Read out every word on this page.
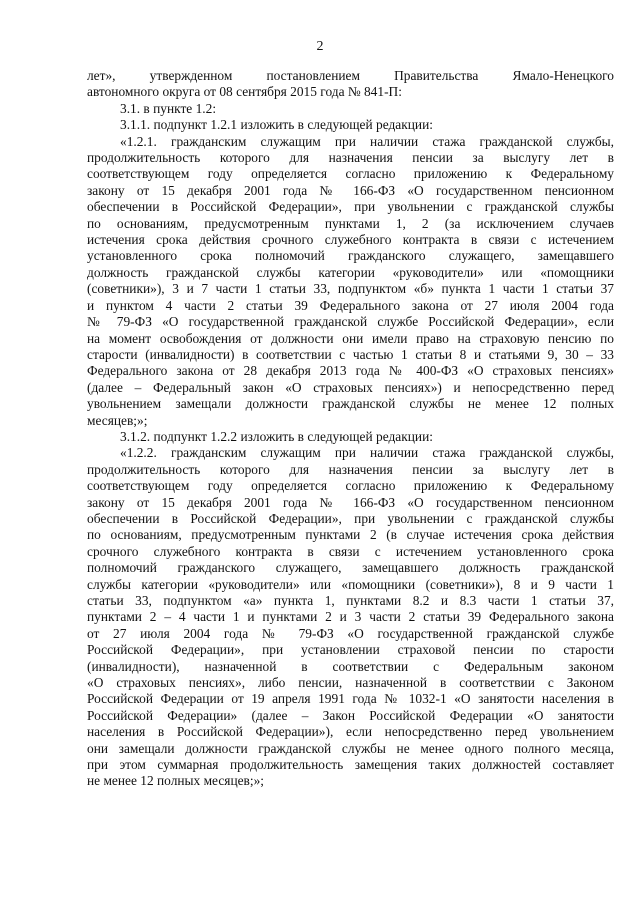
2

лет», утвержденном постановлением Правительства Ямало-Ненецкого

автономного округа от 08 сентября 2015 года № 841-П:

3.1. в пункте 1.2:

3.1.1. подпункт 1.2.1 изложить в следующей редакции:

«1.2.1. гражданским служащим при наличии стажа гражданской службы,

продолжительность которого для назначения пенсии за выслугу лет в

соответствующем году определяется согласно приложению к Федеральному

закону от 15 декабря 2001 года № 166-ФЗ «О государственном пенсионном

обеспечении в Российской Федерации», при увольнении с гражданской службы

по основаниям, предусмотренным пунктами 1, 2 (за исключением случаев

истечения срока действия срочного служебного контракта в связи с истечением

установленного срока полномочий гражданского служащего, замещавшего

должность гражданской службы категории «руководители» или «помощники

(советники»), 3 и 7 части 1 статьи 33, подпунктом «б» пункта 1 части 1 статьи 37

и пунктом 4 части 2 статьи 39 Федерального закона от 27 июля 2004 года

№ 79-ФЗ «О государственной гражданской службе Российской Федерации», если

на момент освобождения от должности они имели право на страховую пенсию по

старости (инвалидности) в соответствии с частью 1 статьи 8 и статьями 9, 30 – 33

Федерального закона от 28 декабря 2013 года № 400-ФЗ «О страховых пенсиях»

(далее – Федеральный закон «О страховых пенсиях») и непосредственно перед

увольнением замещали должности гражданской службы не менее 12 полных

месяцев;»;

3.1.2. подпункт 1.2.2 изложить в следующей редакции:

«1.2.2. гражданским служащим при наличии стажа гражданской службы,

продолжительность которого для назначения пенсии за выслугу лет в

соответствующем году определяется согласно приложению к Федеральному

закону от 15 декабря 2001 года № 166-ФЗ «О государственном пенсионном

обеспечении в Российской Федерации», при увольнении с гражданской службы

по основаниям, предусмотренным пунктами 2 (в случае истечения срока действия

срочного служебного контракта в связи с истечением установленного срока

полномочий гражданского служащего, замещавшего должность гражданской

службы категории «руководители» или «помощники (советники»), 8 и 9 части 1

статьи 33, подпунктом «а» пункта 1, пунктами 8.2 и 8.3 части 1 статьи 37,

пунктами 2 – 4 части 1 и пунктами 2 и 3 части 2 статьи 39 Федерального закона

от 27 июля 2004 года № 79-ФЗ «О государственной гражданской службе

Российской Федерации», при установлении страховой пенсии по старости

(инвалидности), назначенной в соответствии с Федеральным законом

«О страховых пенсиях», либо пенсии, назначенной в соответствии с Законом

Российской Федерации от 19 апреля 1991 года № 1032-1 «О занятости населения в

Российской Федерации» (далее – Закон Российской Федерации «О занятости

населения в Российской Федерации»), если непосредственно перед увольнением

они замещали должности гражданской службы не менее одного полного месяца,

при этом суммарная продолжительность замещения таких должностей составляет

не менее 12 полных месяцев;»;
